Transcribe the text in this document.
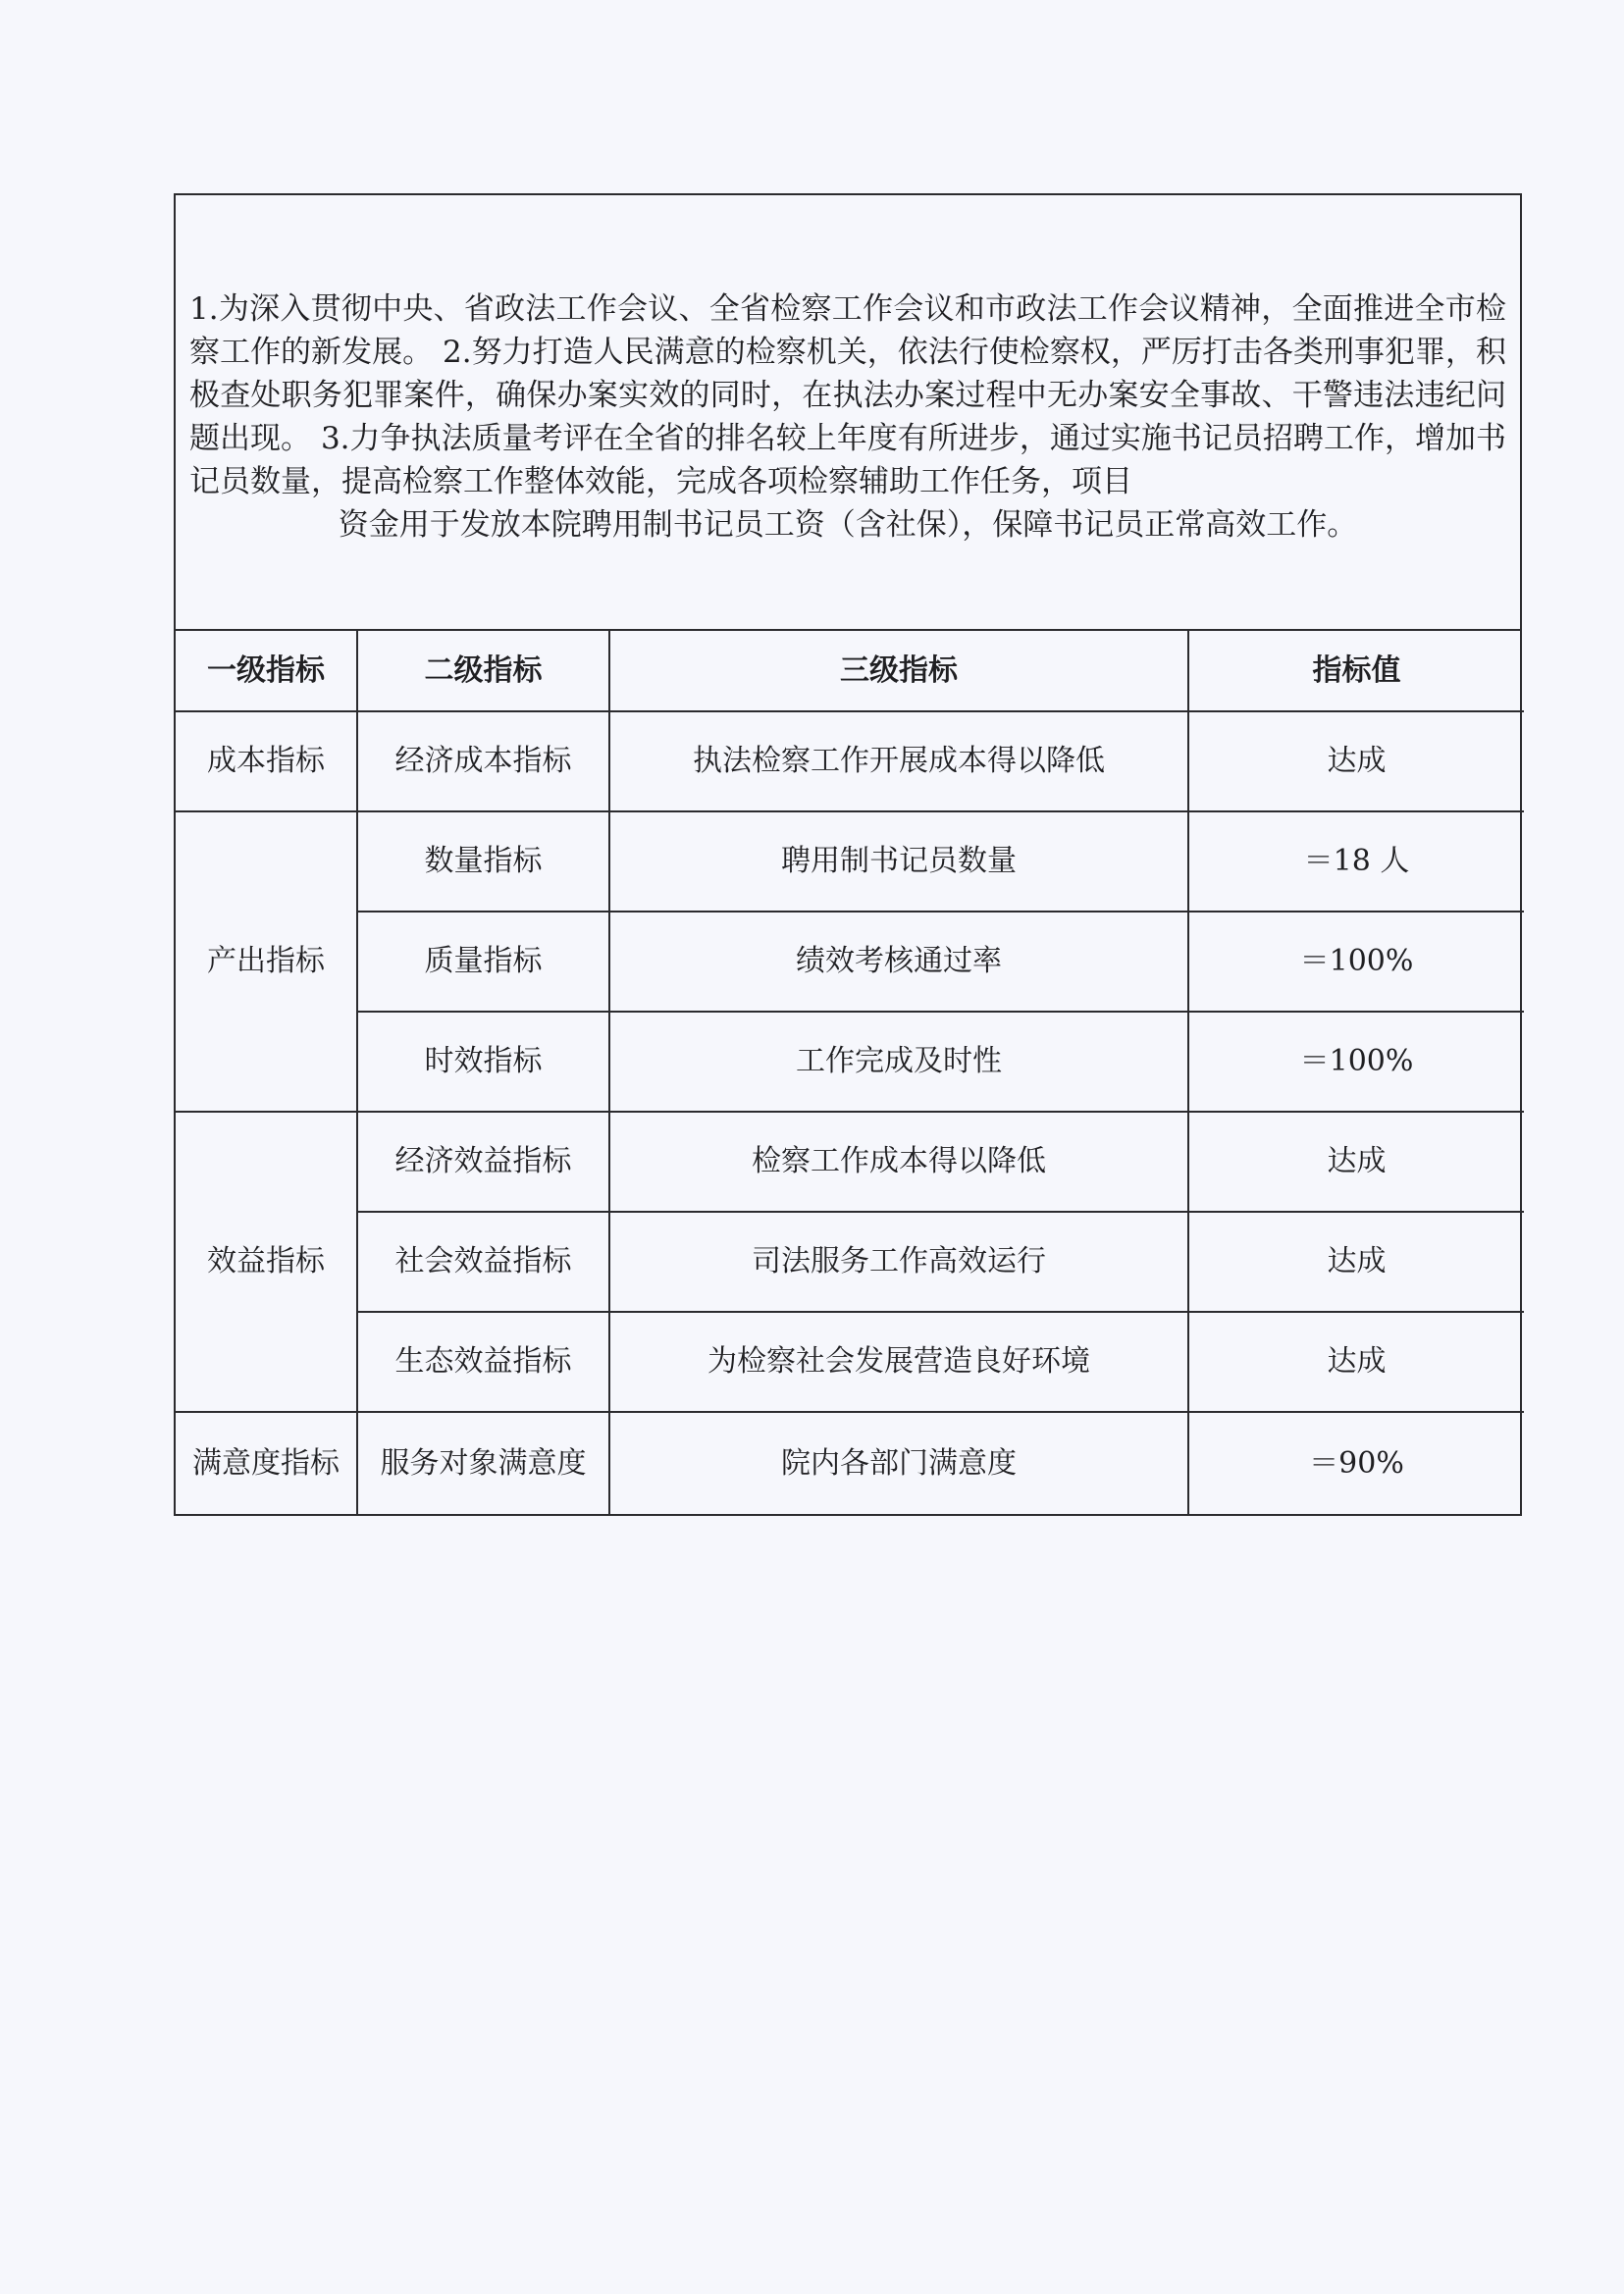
1.为深入贯彻中央、省政法工作会议、全省检察工作会议和市政法工作会议精神，全面推进全市检察工作的新发展。 2.努力打造人民满意的检察机关，依法行使检察权，严厉打击各类刑事犯罪，积极查处职务犯罪案件，确保办案实效的同时，在执法办案过程中无办案安全事故、干警违法违纪问题出现。 3.力争执法质量考评在全省的排名较上年度有所进步，通过实施书记员招聘工作，增加书记员数量，提高检察工作整体效能，完成各项检察辅助工作任务，项目
资金用于发放本院聘用制书记员工资（含社保），保障书记员正常高效工作。
一级指标	二级指标	三级指标	指标值
成本指标	经济成本指标	执法检察工作开展成本得以降低	达成
产出指标	数量指标	聘用制书记员数量	＝18 人
	质量指标	绩效考核通过率	＝100%
	时效指标	工作完成及时性	＝100%
效益指标	经济效益指标	检察工作成本得以降低	达成
	社会效益指标	司法服务工作高效运行	达成
	生态效益指标	为检察社会发展营造良好环境	达成
满意度指标	服务对象满意度	院内各部门满意度	＝90%
